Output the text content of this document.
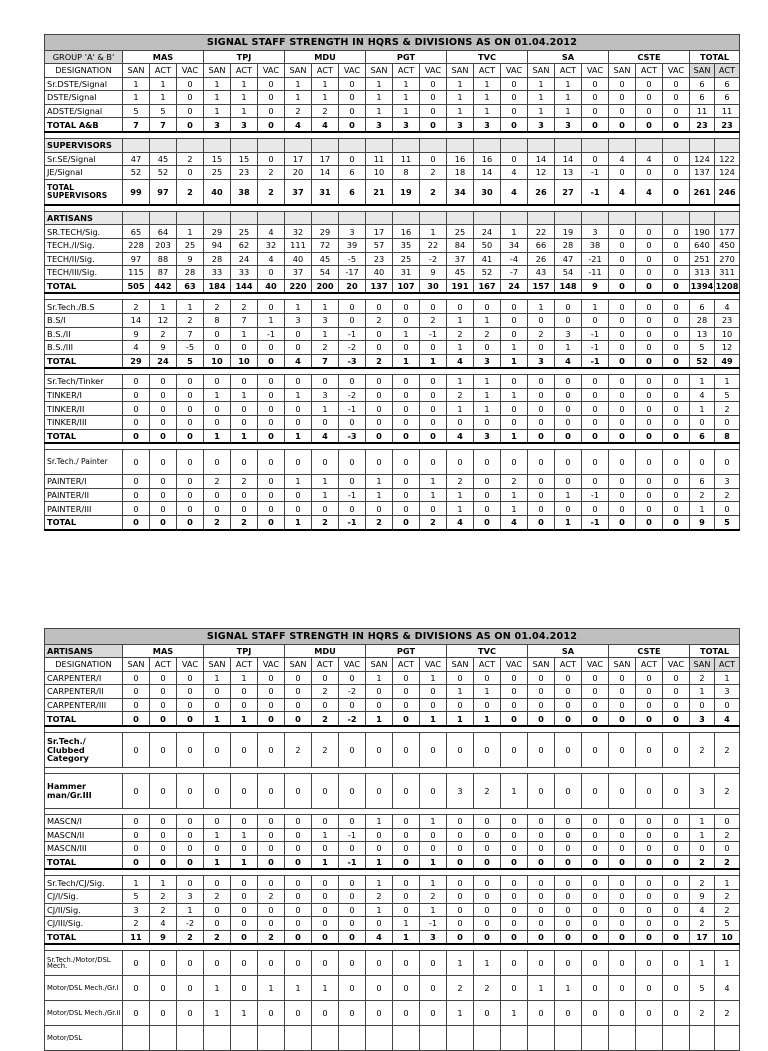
SIGNAL STAFF STRENGTH IN HQRS & DIVISIONS AS ON 01.04.2012																							
GROUP 'A' & B'	MAS			TPJ			MDU			PGT			TVC			SA			CSTE			TOTAL	
DESIGNATION	SAN	ACT	VAC	SAN	ACT	VAC	SAN	ACT	VAC	SAN	ACT	VAC	SAN	ACT	VAC	SAN	ACT	VAC	SAN	ACT	VAC	SAN	ACT
Sr.DSTE/Signal	1	1	0	1	1	0	1	1	0	1	1	0	1	1	0	1	1	0	0	0	0	6	6
DSTE/Signal	1	1	0	1	1	0	1	1	0	1	1	0	1	1	0	1	1	0	0	0	0	6	6
ADSTE/Signal	5	5	0	1	1	0	2	2	0	1	1	0	1	1	0	1	1	0	0	0	0	11	11
TOTAL A&B	7	7	0	3	3	0	4	4	0	3	3	0	3	3	0	3	3	0	0	0	0	23	23

SUPERVISORS																							
Sr.SE/Signal	47	45	2	15	15	0	17	17	0	11	11	0	16	16	0	14	14	0	4	4	0	124	122
JE/Signal	52	52	0	25	23	2	20	14	6	10	8	2	18	14	4	12	13	-1	0	0	0	137	124
TOTAL SUPERVISORS	99	97	2	40	38	2	37	31	6	21	19	2	34	30	4	26	27	-1	4	4	0	261	246

ARTISANS																							
SR.TECH/Sig.	65	64	1	29	25	4	32	29	3	17	16	1	25	24	1	22	19	3	0	0	0	190	177
TECH./I/Sig.	228	203	25	94	62	32	111	72	39	57	35	22	84	50	34	66	28	38	0	0	0	640	450
TECH/II/Sig.	97	88	9	28	24	4	40	45	-5	23	25	-2	37	41	-4	26	47	-21	0	0	0	251	270
TECH/III/Sig.	115	87	28	33	33	0	37	54	-17	40	31	9	45	52	-7	43	54	-11	0	0	0	313	311
TOTAL	505	442	63	184	144	40	220	200	20	137	107	30	191	167	24	157	148	9	0	0	0	1394	1208

Sr.Tech./B.S	2	1	1	2	2	0	1	1	0	0	0	0	0	0	0	1	0	1	0	0	0	6	4
B.S/I	14	12	2	8	7	1	3	3	0	2	0	2	1	1	0	0	0	0	0	0	0	28	23
B.S./II	9	2	7	0	1	-1	0	1	-1	0	1	-1	2	2	0	2	3	-1	0	0	0	13	10
B.S./III	4	9	-5	0	0	0	0	2	-2	0	0	0	1	0	1	0	1	-1	0	0	0	5	12
TOTAL	29	24	5	10	10	0	4	7	-3	2	1	1	4	3	1	3	4	-1	0	0	0	52	49

Sr.Tech/Tinker	0	0	0	0	0	0	0	0	0	0	0	0	1	1	0	0	0	0	0	0	0	1	1
TINKER/I	0	0	0	1	1	0	1	3	-2	0	0	0	2	1	1	0	0	0	0	0	0	4	5
TINKER/II	0	0	0	0	0	0	0	1	-1	0	0	0	1	1	0	0	0	0	0	0	0	1	2
TINKER/III	0	0	0	0	0	0	0	0	0	0	0	0	0	0	0	0	0	0	0	0	0	0	0
TOTAL	0	0	0	1	1	0	1	4	-3	0	0	0	4	3	1	0	0	0	0	0	0	6	8

Sr.Tech./ Painter	0	0	0	0	0	0	0	0	0	0	0	0	0	0	0	0	0	0	0	0	0	0	0
PAINTER/I	0	0	0	2	2	0	1	1	0	1	0	1	2	0	2	0	0	0	0	0	0	6	3
PAINTER/II	0	0	0	0	0	0	0	1	-1	1	0	1	1	0	1	0	1	-1	0	0	0	2	2
PAINTER/III	0	0	0	0	0	0	0	0	0	0	0	0	1	0	1	0	0	0	0	0	0	1	0
TOTAL	0	0	0	2	2	0	1	2	-1	2	0	2	4	0	4	0	1	-1	0	0	0	9	5
SIGNAL STAFF STRENGTH IN HQRS & DIVISIONS AS ON 01.04.2012																							
ARTISANS	MAS			TPJ			MDU			PGT			TVC			SA			CSTE			TOTAL	
DESIGNATION	SAN	ACT	VAC	SAN	ACT	VAC	SAN	ACT	VAC	SAN	ACT	VAC	SAN	ACT	VAC	SAN	ACT	VAC	SAN	ACT	VAC	SAN	ACT
CARPENTER/I	0	0	0	1	1	0	0	0	0	1	0	1	0	0	0	0	0	0	0	0	0	2	1
CARPENTER/II	0	0	0	0	0	0	0	2	-2	0	0	0	1	1	0	0	0	0	0	0	0	1	3
CARPENTER/III	0	0	0	0	0	0	0	0	0	0	0	0	0	0	0	0	0	0	0	0	0	0	0
TOTAL	0	0	0	1	1	0	0	2	-2	1	0	1	1	1	0	0	0	0	0	0	0	3	4

Sr.Tech./ Clubbed Category	0	0	0	0	0	0	2	2	0	0	0	0	0	0	0	0	0	0	0	0	0	2	2

Hammer man/Gr.III	0	0	0	0	0	0	0	0	0	0	0	0	3	2	1	0	0	0	0	0	0	3	2

MASCN/I	0	0	0	0	0	0	0	0	0	1	0	1	0	0	0	0	0	0	0	0	0	1	0
MASCN/II	0	0	0	1	1	0	0	1	-1	0	0	0	0	0	0	0	0	0	0	0	0	1	2
MASCN/III	0	0	0	0	0	0	0	0	0	0	0	0	0	0	0	0	0	0	0	0	0	0	0
TOTAL	0	0	0	1	1	0	0	1	-1	1	0	1	0	0	0	0	0	0	0	0	0	2	2

Sr.Tech/CJ/Sig.	1	1	0	0	0	0	0	0	0	1	0	1	0	0	0	0	0	0	0	0	0	2	1
CJ/I/Sig.	5	2	3	2	0	2	0	0	0	2	0	2	0	0	0	0	0	0	0	0	0	9	2
CJ/II/Sig.	3	2	1	0	0	0	0	0	0	1	0	1	0	0	0	0	0	0	0	0	0	4	2
CJ/III/Sig.	2	4	-2	0	0	0	0	0	0	0	1	-1	0	0	0	0	0	0	0	0	0	2	5
TOTAL	11	9	2	2	0	2	0	0	0	4	1	3	0	0	0	0	0	0	0	0	0	17	10

Sr.Tech./Motor/DSL Mech.	0	0	0	0	0	0	0	0	0	0	0	0	1	1	0	0	0	0	0	0	0	1	1
Motor/DSL Mech./Gr.I	0	0	0	1	0	1	1	1	0	0	0	0	2	2	0	1	1	0	0	0	0	5	4
Motor/DSL Mech./Gr.II	0	0	0	1	1	0	0	0	0	0	0	0	1	0	1	0	0	0	0	0	0	2	2
Motor/DSL																							
